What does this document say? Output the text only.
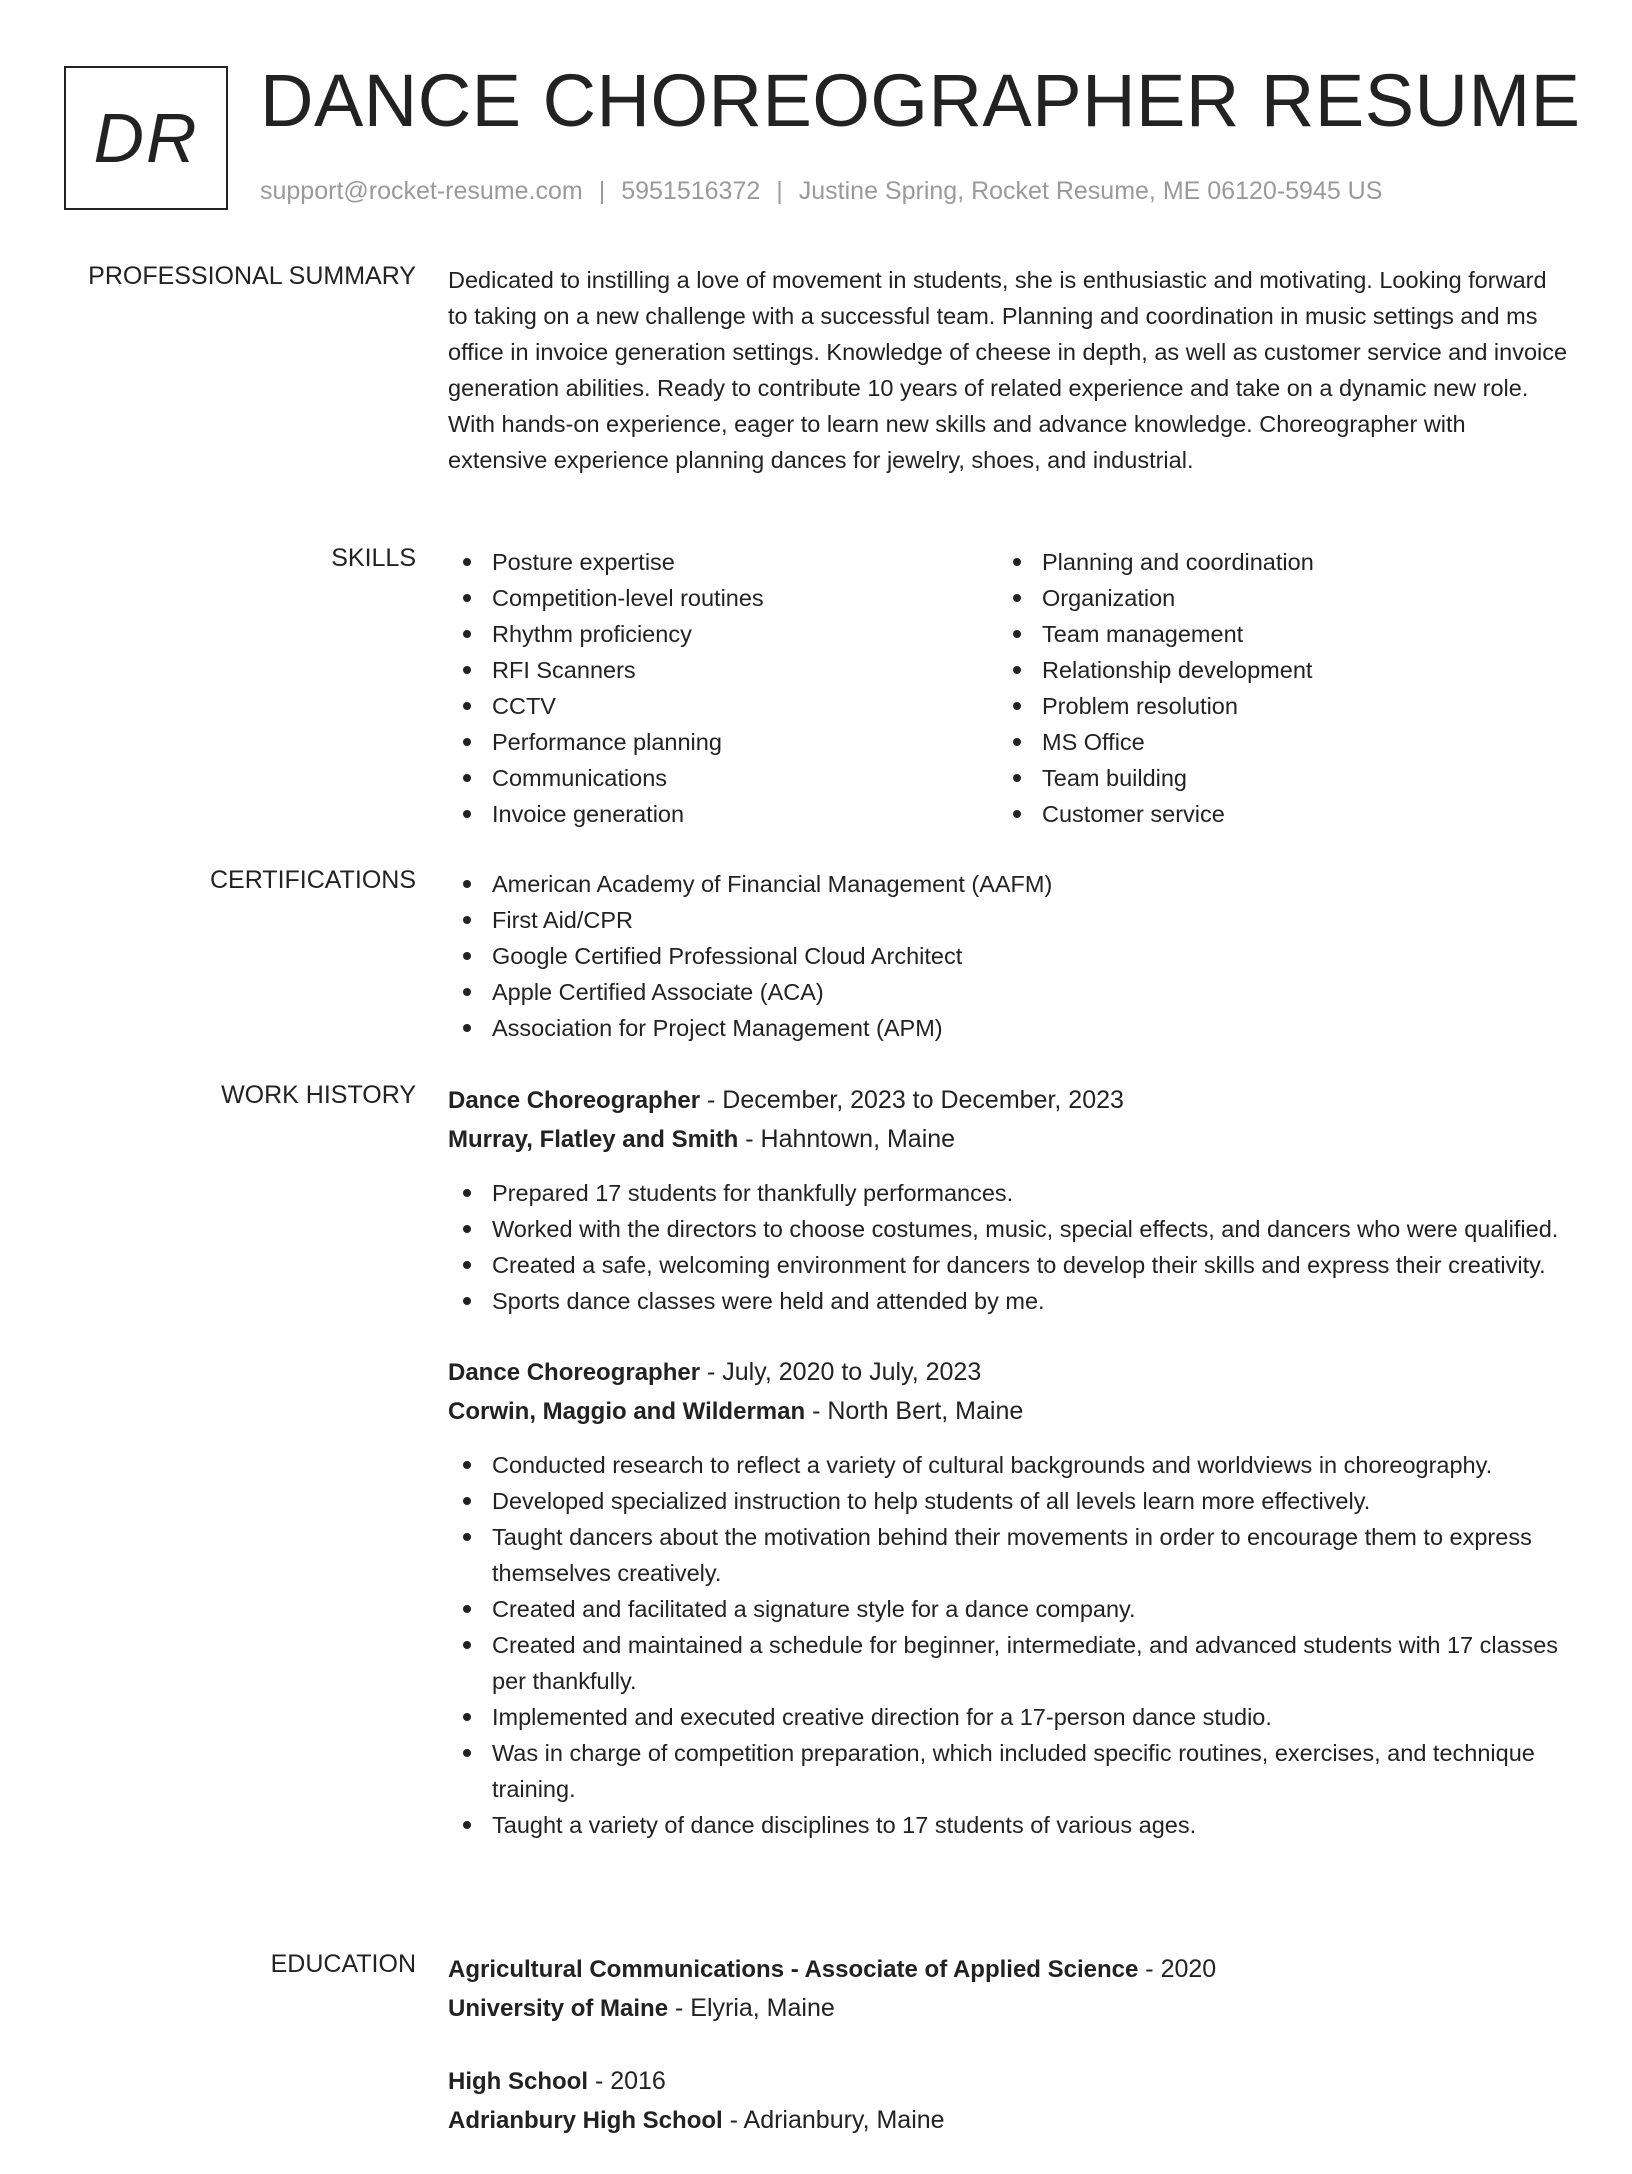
DR DANCE CHOREOGRAPHER RESUME
support@rocket-resume.com | 5951516372 | Justine Spring, Rocket Resume, ME 06120-5945 US
PROFESSIONAL SUMMARY Dedicated to instilling a love of movement in students, she is enthusiastic and motivating. Looking forward to taking on a new challenge with a successful team. Planning and coordination in music settings and ms office in invoice generation settings. Knowledge of cheese in depth, as well as customer service and invoice generation abilities. Ready to contribute 10 years of related experience and take on a dynamic new role. With hands-on experience, eager to learn new skills and advance knowledge. Choreographer with extensive experience planning dances for jewelry, shoes, and industrial.
SKILLS	Posture expertise
Competition-level routines
Rhythm proficiency
RFI Scanners
CCTV
Performance planning
Communications
Invoice generation
Planning and coordination
Organization
Team management
Relationship development
Problem resolution
MS Office
Team building
Customer service
CERTIFICATIONS	American Academy of Financial Management (AAFM)
First Aid/CPR
Google Certified Professional Cloud Architect
Apple Certified Associate (ACA)
Association for Project Management (APM)
WORK HISTORY Dance Choreographer - December, 2023 to December, 2023
Murray, Flatley and Smith - Hahntown, Maine
Prepared 17 students for thankfully performances.
Worked with the directors to choose costumes, music, special effects, and dancers who were qualified.
Created a safe, welcoming environment for dancers to develop their skills and express their creativity.
Sports dance classes were held and attended by me.
Dance Choreographer - July, 2020 to July, 2023
Corwin, Maggio and Wilderman - North Bert, Maine
Conducted research to reflect a variety of cultural backgrounds and worldviews in choreography.
Developed specialized instruction to help students of all levels learn more effectively.
Taught dancers about the motivation behind their movements in order to encourage them to express themselves creatively.
Created and facilitated a signature style for a dance company.
Created and maintained a schedule for beginner, intermediate, and advanced students with 17 classes per thankfully.
Implemented and executed creative direction for a 17-person dance studio.
Was in charge of competition preparation, which included specific routines, exercises, and technique training.
Taught a variety of dance disciplines to 17 students of various ages.
EDUCATION Agricultural Communications - Associate of Applied Science - 2020
University of Maine - Elyria, Maine
High School - 2016
Adrianbury High School - Adrianbury, Maine
